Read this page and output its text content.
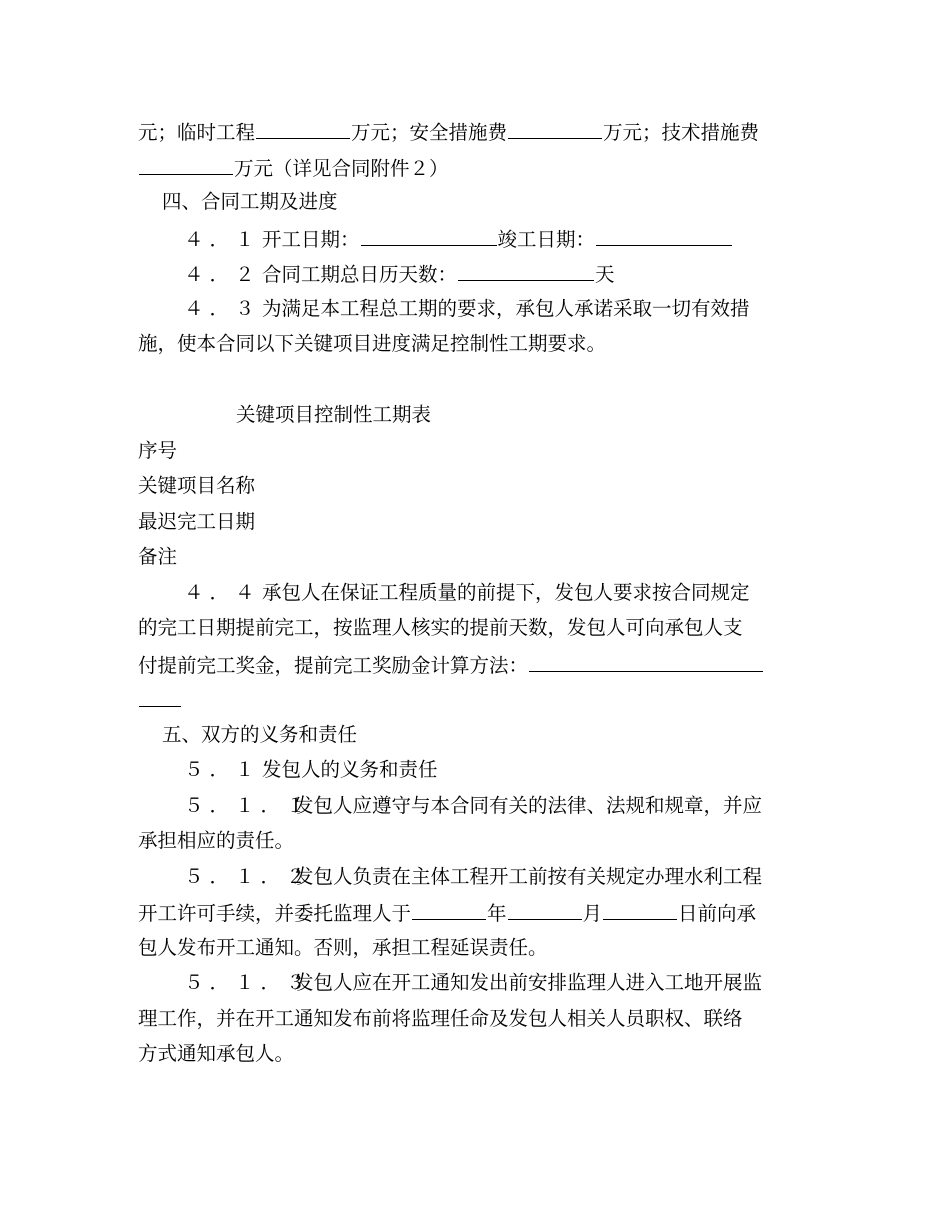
元；临时工程	万元；安全措施费	万元；技术措施费
万元（详见合同附件２）
四、合同工期及进度
４．１开工日期：	竣工日期：
４．２合同工期总日历天数：	天
４．３为满足本工程总工期的要求，承包人承诺采取一切有效措
施，使本合同以下关键项目进度满足控制性工期要求。
关键项目控制性工期表
序号
关键项目名称
最迟完工日期
备注
４．４承包人在保证工程质量的前提下，发包人要求按合同规定
的完工日期提前完工，按监理人核实的提前天数，发包人可向承包人支
付提前完工奖金，提前完工奖励金计算方法：
五、双方的义务和责任
５．１发包人的义务和责任
５．１．１发包人应遵守与本合同有关的法律、法规和规章，并应
承担相应的责任。
５．１．２发包人负责在主体工程开工前按有关规定办理水利工程
开工许可手续，并委托监理人于	年	月	日前向承
包人发布开工通知。否则，承担工程延误责任。
５．１．３发包人应在开工通知发出前安排监理人进入工地开展监
理工作，并在开工通知发布前将监理任命及发包人相关人员职权、联络
方式通知承包人。
